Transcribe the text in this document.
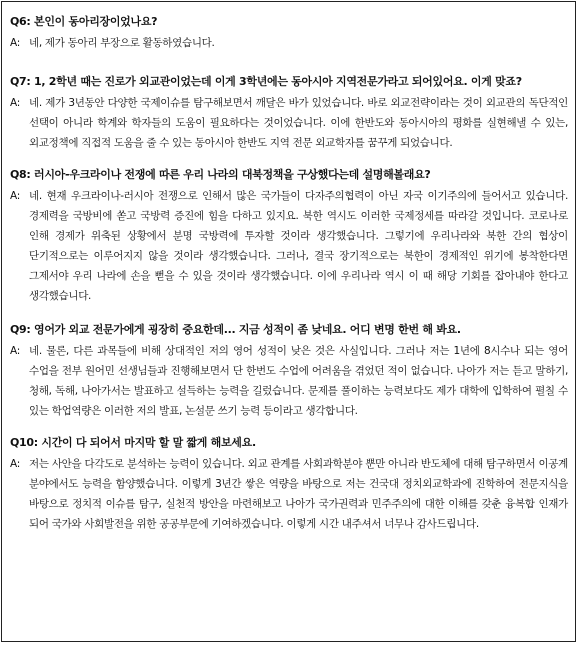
Q6: 본인이 동아리장이었나요?
A: 네, 제가 동아리 부장으로 활동하였습니다.
Q7: 1, 2학년 때는 진로가 외교관이었는데 이게 3학년에는 동아시아 지역전문가라고 되어있어요. 이게 맞죠?
A: 네. 제가 3년동안 다양한 국제이슈를 탐구해보면서 깨달은 바가 있었습니다. 바로 외교전략이라는 것이 외교관의 독단적인 선택이 아니라 학계와 학자들의 도움이 필요하다는 것이었습니다. 이에 한반도와 동아시아의 평화를 실현해낼 수 있는, 외교정책에 직접적 도움을 줄 수 있는 동아시아 한반도 지역 전문 외교학자를 꿈꾸게 되었습니다.
Q8: 러시아-우크라이나 전쟁에 따른 우리 나라의 대북정책을 구상했다는데 설명해볼래요?
A: 네. 현재 우크라이나-러시아 전쟁으로 인해서 많은 국가들이 다자주의협력이 아닌 자국 이기주의에 들어서고 있습니다. 경제력을 국방비에 쏟고 국방력 증진에 힘을 다하고 있지요. 북한 역시도 이러한 국제정세를 따라갈 것입니다. 코로나로 인해 경제가 위축된 상황에서 분명 국방력에 투자할 것이라 생각했습니다. 그렇기에 우리나라와 북한 간의 협상이 단기적으로는 이루어지지 않을 것이라 생각했습니다. 그러나, 결국 장기적으로는 북한이 경제적인 위기에 봉착한다면 그제서야 우리 나라에 손을 뻗을 수 있을 것이라 생각했습니다. 이에 우리나라 역시 이 때 해당 기회를 잡아내야 한다고 생각했습니다.
Q9: 영어가 외교 전문가에게 굉장히 중요한데... 지금 성적이 좀 낮네요. 어디 변명 한번 해 봐요.
A: 네. 물론, 다른 과목들에 비해 상대적인 저의 영어 성적이 낮은 것은 사실입니다. 그러나 저는 1년에 8시수나 되는 영어 수업을 전부 원어민 선생님들과 진행해보면서 단 한번도 수업에 어려움을 겪었던 적이 없습니다. 나아가 저는 듣고 말하기, 청해, 독해, 나아가서는 발표하고 설득하는 능력을 길렀습니다. 문제를 풀이하는 능력보다도 제가 대학에 입학하여 펼칠 수 있는 학업역량은 이러한 저의 발표, 논설문 쓰기 능력 등이라고 생각합니다.
Q10: 시간이 다 되어서 마지막 할 말 짧게 해보세요.
A: 저는 사안을 다각도로 분석하는 능력이 있습니다. 외교 관계를 사회과학분야 뿐만 아니라 반도체에 대해 탐구하면서 이공계 분야에서도 능력을 함양했습니다. 이렇게 3년간 쌓은 역량을 바탕으로 저는 건국대 정치외교학과에 진학하여 전문지식을 바탕으로 정치적 이슈를 탐구, 실천적 방안을 마련해보고 나아가 국가권력과 민주주의에 대한 이해를 갖춘 융복합 인재가 되어 국가와 사회발전을 위한 공공부문에 기여하겠습니다. 이렇게 시간 내주셔서 너무나 감사드립니다.
